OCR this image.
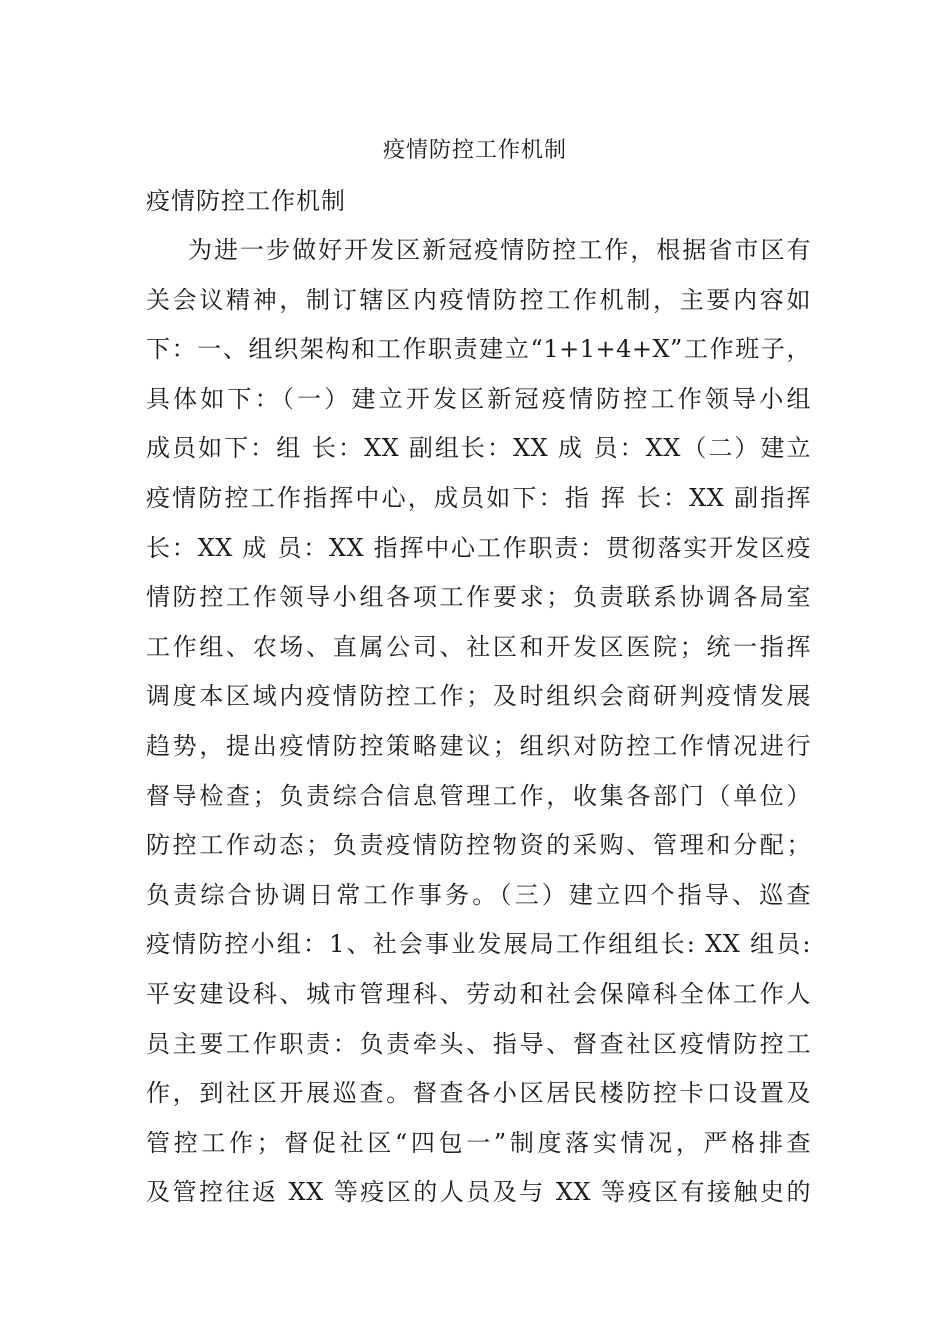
疫情防控工作机制
疫情防控工作机制
为进一步做好开发区新冠疫情防控工作，根据省市区有
关会议精神，制订辖区内疫情防控工作机制，主要内容如
下：一、组织架构和工作职责建立“1+1+4+X”工作班子，
具体如下：（一）建立开发区新冠疫情防控工作领导小组
成员如下：组 长：XX 副组长：XX 成 员：XX（二）建立
疫情防控工作指挥中心，成员如下：指 挥 长：XX 副指挥
长：XX 成 员：XX 指挥中心工作职责：贯彻落实开发区疫
情防控工作领导小组各项工作要求；负责联系协调各局室
工作组、农场、直属公司、社区和开发区医院；统一指挥
调度本区域内疫情防控工作；及时组织会商研判疫情发展
趋势，提出疫情防控策略建议；组织对防控工作情况进行
督导检查；负责综合信息管理工作，收集各部门（单位）
防控工作动态；负责疫情防控物资的采购、管理和分配；
负责综合协调日常工作事务。（三）建立四个指导、巡查
疫情防控小组：1、社会事业发展局工作组组长: XX 组员:
平安建设科、城市管理科、劳动和社会保障科全体工作人
员主要工作职责：负责牵头、指导、督查社区疫情防控工
作，到社区开展巡查。督查各小区居民楼防控卡口设置及
管控工作；督促社区“四包一”制度落实情况，严格排查
及管控往返 XX 等疫区的人员及与 XX 等疫区有接触史的
